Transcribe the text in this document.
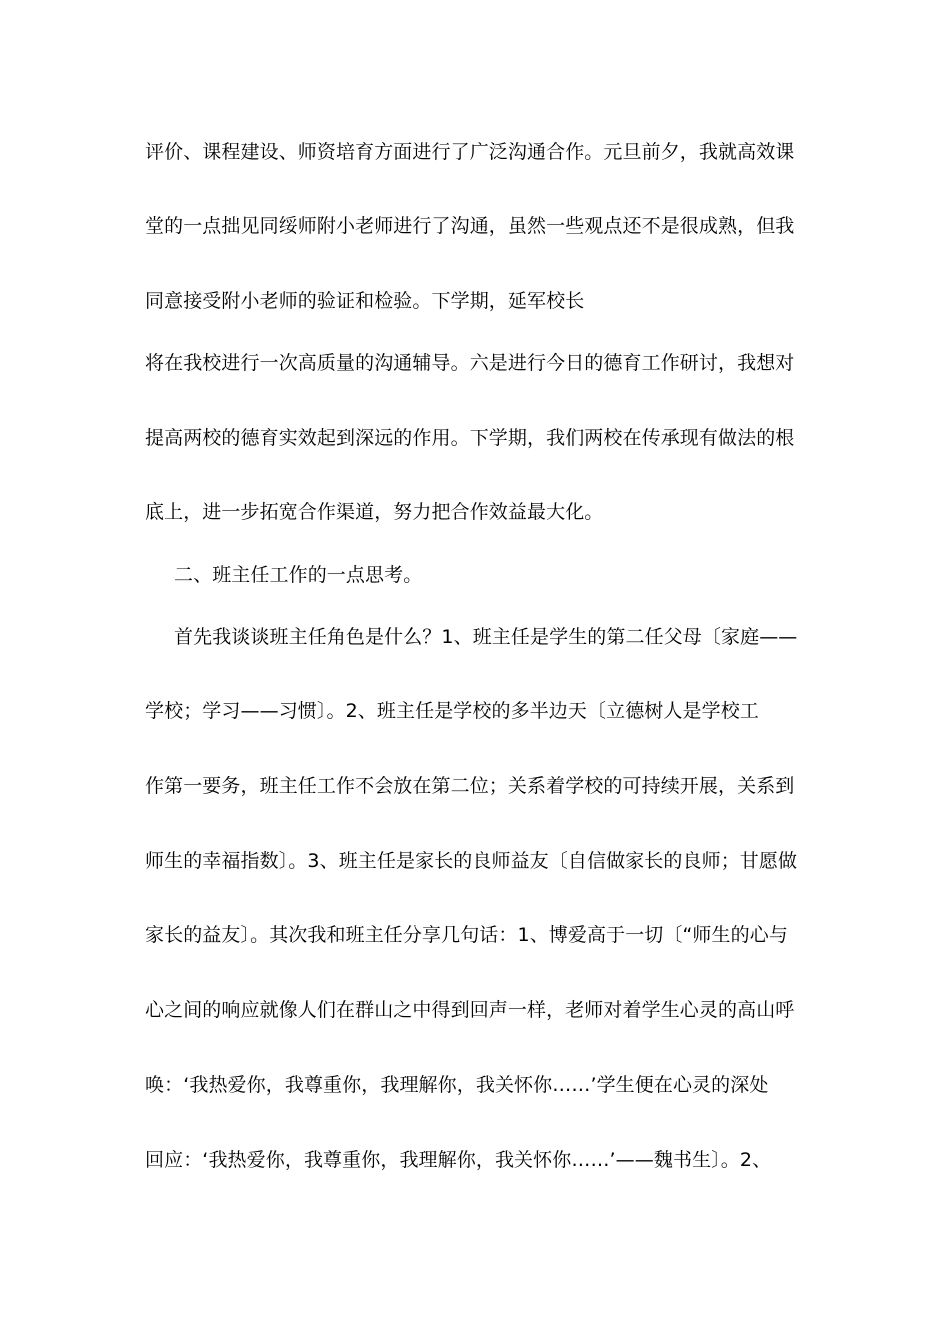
评价、课程建设、师资培育方面进行了广泛沟通合作。元旦前夕，我就高效课
堂的一点拙见同绥师附小老师进行了沟通，虽然一些观点还不是很成熟，但我
同意接受附小老师的验证和检验。下学期，延军校长
将在我校进行一次高质量的沟通辅导。六是进行今日的德育工作研讨，我想对
提高两校的德育实效起到深远的作用。下学期，我们两校在传承现有做法的根
底上，进一步拓宽合作渠道，努力把合作效益最大化。
二、班主任工作的一点思考。
首先我谈谈班主任角色是什么？1、班主任是学生的第二任父母〔家庭——
学校；学习——习惯〕。2、班主任是学校的多半边天〔立德树人是学校工
作第一要务，班主任工作不会放在第二位；关系着学校的可持续开展，关系到
师生的幸福指数〕。3、班主任是家长的良师益友〔自信做家长的良师；甘愿做
家长的益友〕。其次我和班主任分享几句话：1、博爱高于一切〔“师生的心与
心之间的响应就像人们在群山之中得到回声一样，老师对着学生心灵的高山呼
唤：‘我热爱你，我尊重你，我理解你，我关怀你……’学生便在心灵的深处
回应：‘我热爱你，我尊重你，我理解你，我关怀你……’——魏书生〕。2、
